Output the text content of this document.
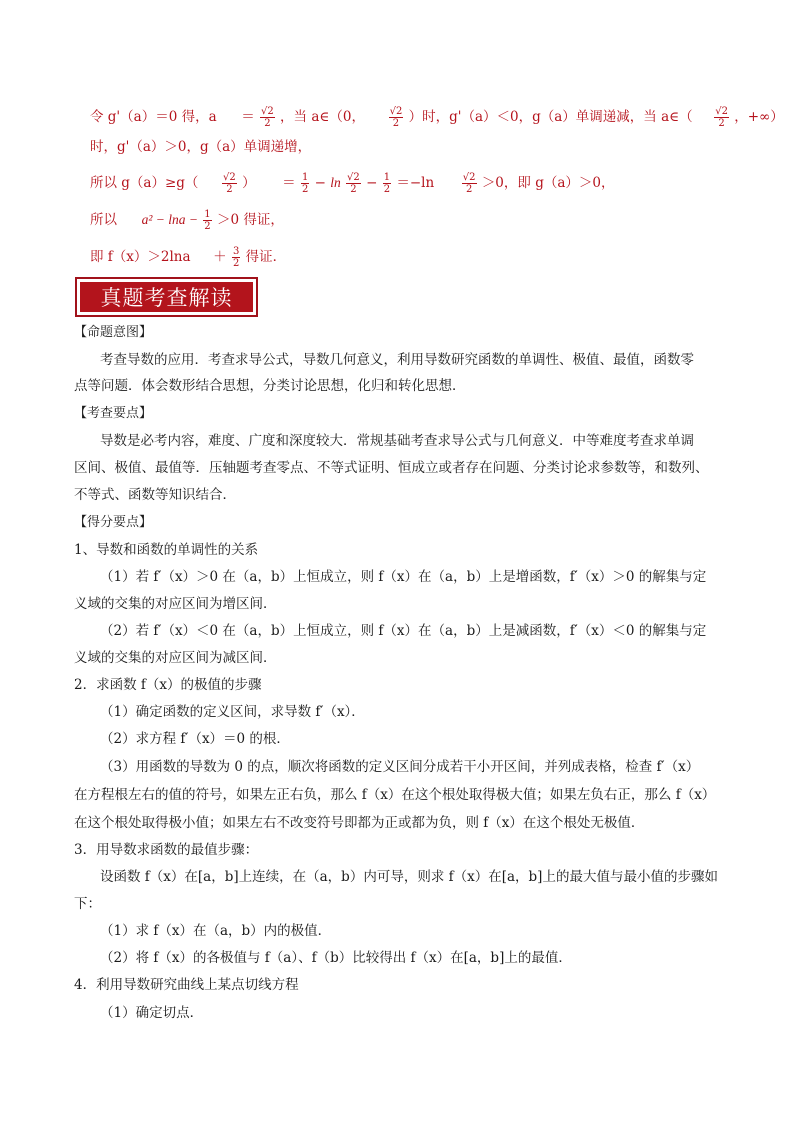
令 g'（a）＝0 得，$a = \frac{√2}{2}$ ，当 a∈（0， $\frac{√2}{2}$ ）时，g'（a）＜0，g（a）单调递减，当 a∈（ $\frac{√2}{2}$ ，+∞）
时，g'（a）＞0，g（a）单调递增，
所以 $g(a)\ge g( \frac{√2}{2}$ ） ＝ $\frac{1}{2} - \ln \frac{√2}{2} - \frac{1}{2} =-\ln$	$\frac{√2}{2} >0$，即 g（a）＞0，
所以 $a^2 - \ln a - \frac{1}{2} >0$ 得证，
即 $f(x)>2\ln a + \frac{3}{2}$ 得证．
真题考查解读
【命题意图】
考查导数的应用．考查求导公式，导数几何意义，利用导数研究函数的单调性、极值、最值，函数零
点等问题．体会数形结合思想，分类讨论思想，化归和转化思想．
【考查要点】
导数是必考内容，难度、广度和深度较大．常规基础考查求导公式与几何意义．中等难度考查求单调
区间、极值、最值等．压轴题考查零点、不等式证明、恒成立或者存在问题、分类讨论求参数等，和数列、
不等式、函数等知识结合．
【得分要点】
1、导数和函数的单调性的关系
（1）若 f′（x）＞0 在（a，b）上恒成立，则 f（x）在（a，b）上是增函数，f′（x）＞0 的解集与定
义域的交集的对应区间为增区间．
（2）若 f′（x）＜0 在（a，b）上恒成立，则 f（x）在（a，b）上是减函数，f′（x）＜0 的解集与定
义域的交集的对应区间为减区间．
2．求函数 f（x）的极值的步骤
（1）确定函数的定义区间，求导数 f′（x）．
（2）求方程 f′（x）＝0 的根．
（3）用函数的导数为 0 的点，顺次将函数的定义区间分成若干小开区间，并列成表格，检查 f′（x）
在方程根左右的值的符号，如果左正右负，那么 f（x）在这个根处取得极大值；如果左负右正，那么 f（x）
在这个根处取得极小值；如果左右不改变符号即都为正或都为负，则 f（x）在这个根处无极值．
3．用导数求函数的最值步骤：
设函数 f（x）在[a，b]上连续，在（a，b）内可导，则求 f（x）在[a，b]上的最大值与最小值的步骤如
下：
（1）求 f（x）在（a，b）内的极值．
（2）将 f（x）的各极值与 f（a）、f（b）比较得出 f（x）在[a，b]上的最值．
4．利用导数研究曲线上某点切线方程
（1）确定切点．
